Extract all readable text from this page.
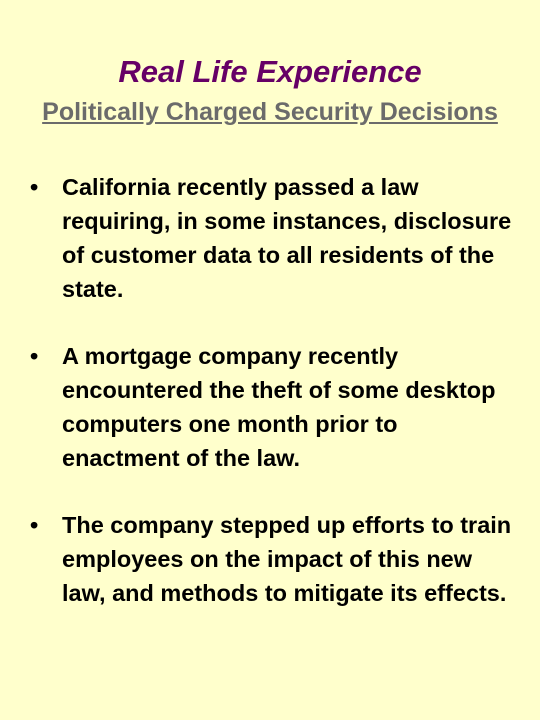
Real Life Experience
Politically Charged Security Decisions
•	California recently passed a law requiring, in some instances, disclosure of customer data to all residents of the state.
•	A mortgage company recently encountered the theft of some desktop computers one month prior to enactment of the law.
•	The company stepped up efforts to train employees on the impact of this new law, and methods to mitigate its effects.
